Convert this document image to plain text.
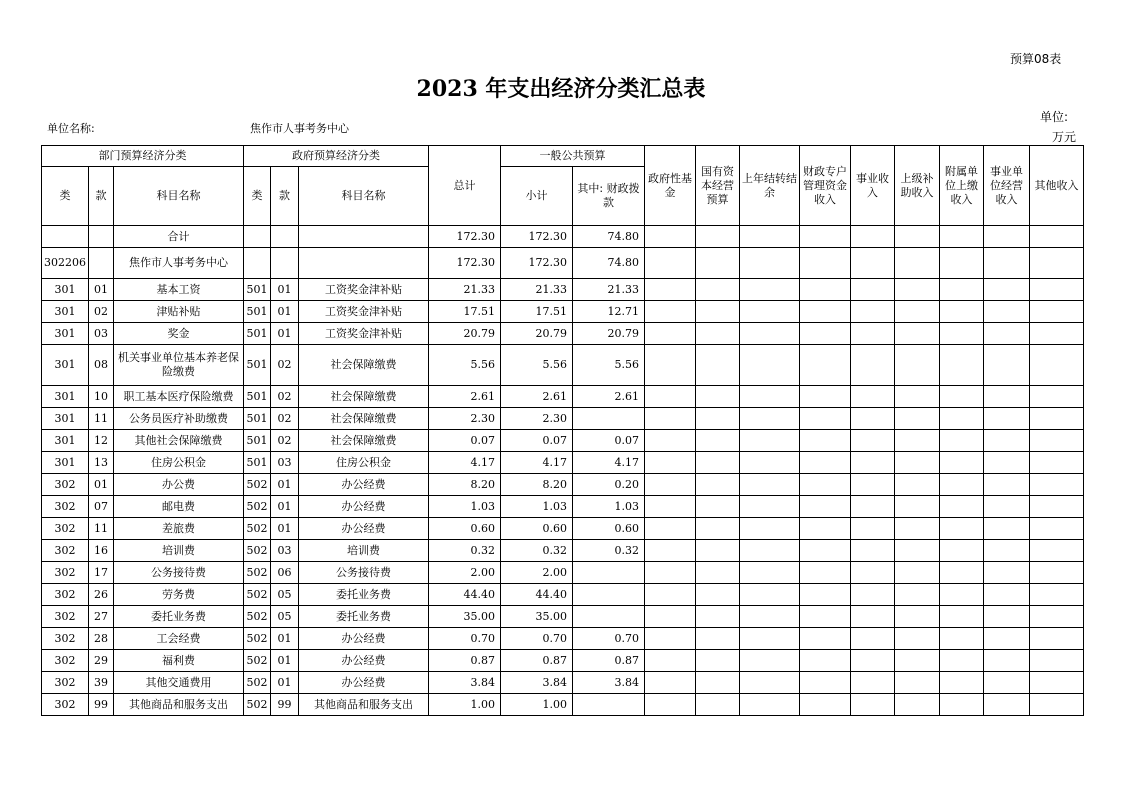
预算08表
2023 年支出经济分类汇总表
单位名称:	焦作市人事考务中心
单位:
万元
部门预算经济分类			政府预算经济分类			总计	一般公共预算		政府性基金	国有资本经营预算	上年结转结余	财政专户管理资金收入	事业收入	上级补助收入	附属单位上缴收入	事业单位经营收入	其他收入
类	款	科目名称	类	款	科目名称		小计	其中: 财政拨款									
		合计				172.30	172.30	74.80									
302206		焦作市人事考务中心				172.30	172.30	74.80									
301	01	基本工资	501	01	工资奖金津补贴	21.33	21.33	21.33									
301	02	津贴补贴	501	01	工资奖金津补贴	17.51	17.51	12.71									
301	03	奖金	501	01	工资奖金津补贴	20.79	20.79	20.79									
301	08	机关事业单位基本养老保险缴费	501	02	社会保障缴费	5.56	5.56	5.56									
301	10	职工基本医疗保险缴费	501	02	社会保障缴费	2.61	2.61	2.61									
301	11	公务员医疗补助缴费	501	02	社会保障缴费	2.30	2.30										
301	12	其他社会保障缴费	501	02	社会保障缴费	0.07	0.07	0.07									
301	13	住房公积金	501	03	住房公积金	4.17	4.17	4.17									
302	01	办公费	502	01	办公经费	8.20	8.20	0.20									
302	07	邮电费	502	01	办公经费	1.03	1.03	1.03									
302	11	差旅费	502	01	办公经费	0.60	0.60	0.60									
302	16	培训费	502	03	培训费	0.32	0.32	0.32									
302	17	公务接待费	502	06	公务接待费	2.00	2.00										
302	26	劳务费	502	05	委托业务费	44.40	44.40										
302	27	委托业务费	502	05	委托业务费	35.00	35.00										
302	28	工会经费	502	01	办公经费	0.70	0.70	0.70									
302	29	福利费	502	01	办公经费	0.87	0.87	0.87									
302	39	其他交通费用	502	01	办公经费	3.84	3.84	3.84									
302	99	其他商品和服务支出	502	99	其他商品和服务支出	1.00	1.00										
